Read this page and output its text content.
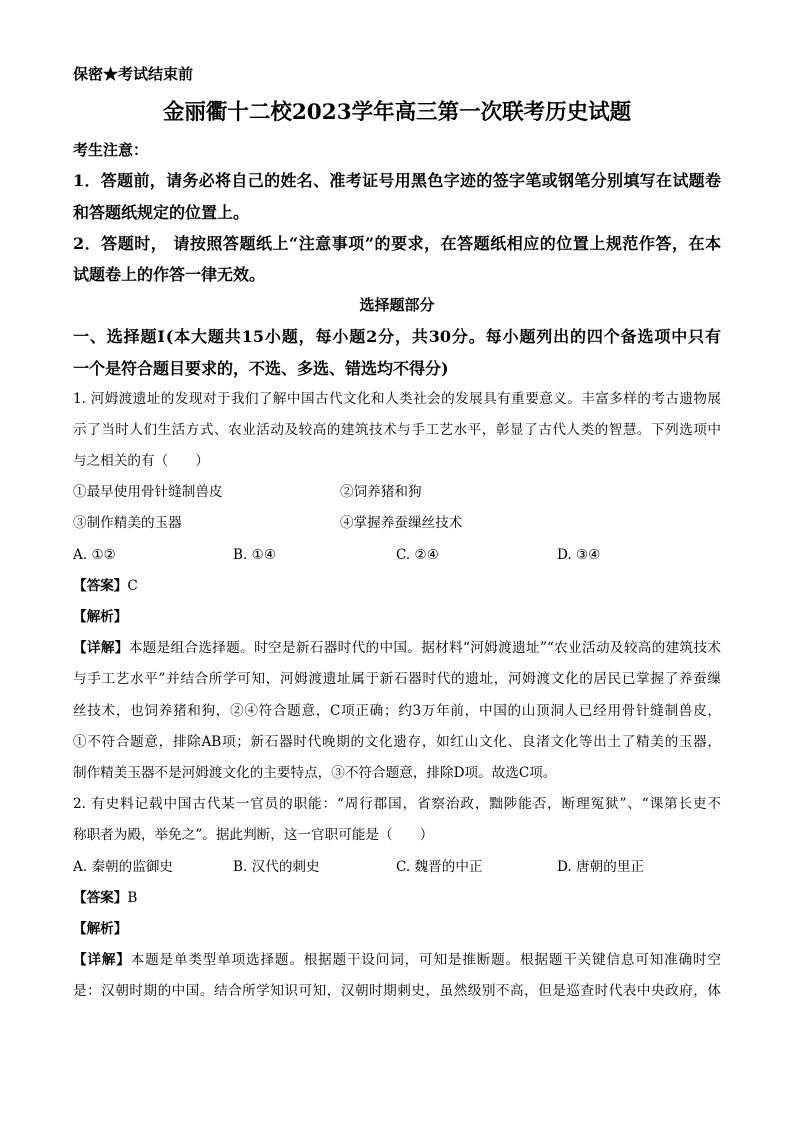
保密★考试结束前
金丽衢十二校2023学年高三第一次联考历史试题
考生注意：
1．答题前，请务必将自己的姓名、准考证号用黑色字迹的签字笔或钢笔分别填写在试题卷
和答题纸规定的位置上。
2．答题时， 请按照答题纸上“注意事项”的要求，在答题纸相应的位置上规范作答，在本
试题卷上的作答一律无效。
选择题部分
一、选择题Ⅰ(本大题共15小题，每小题2分，共30分。每小题列出的四个备选项中只有
一个是符合题目要求的，不选、多选、错选均不得分)
1. 河姆渡遗址的发现对于我们了解中国古代文化和人类社会的发展具有重要意义。丰富多样的考古遗物展
示了当时人们生活方式、农业活动及较高的建筑技术与手工艺水平，彰显了古代人类的智慧。下列选项中
与之相关的有（　　）
①最早使用骨针缝制兽皮	②饲养猪和狗
③制作精美的玉器	④掌握养蚕缫丝技术
A. ①②	B. ①④	C. ②④	D. ③④
【答案】C
【解析】
【详解】本题是组合选择题。时空是新石器时代的中国。据材料“河姆渡遗址”“农业活动及较高的建筑技术
与手工艺水平”并结合所学可知，河姆渡遗址属于新石器时代的遗址，河姆渡文化的居民已掌握了养蚕缫
丝技术，也饲养猪和狗，②④符合题意，C项正确；约3万年前，中国的山顶洞人已经用骨针缝制兽皮，
①不符合题意，排除AB项；新石器时代晚期的文化遗存，如红山文化、良渚文化等出土了精美的玉器，
制作精美玉器不是河姆渡文化的主要特点，③不符合题意，排除D项。故选C项。
2. 有史料记载中国古代某一官员的职能：“周行郡国，省察治政，黜陟能否，断理冤狱”、“课第长吏不
称职者为殿，举免之”。据此判断，这一官职可能是（　　）
A. 秦朝的监御史	B. 汉代的刺史	C. 魏晋的中正	D. 唐朝的里正
【答案】B
【解析】
【详解】本题是单类型单项选择题。根据题干设问词，可知是推断题。根据题干关键信息可知准确时空
是：汉朝时期的中国。结合所学知识可知，汉朝时期刺史，虽然级别不高，但是巡查时代表中央政府，体
